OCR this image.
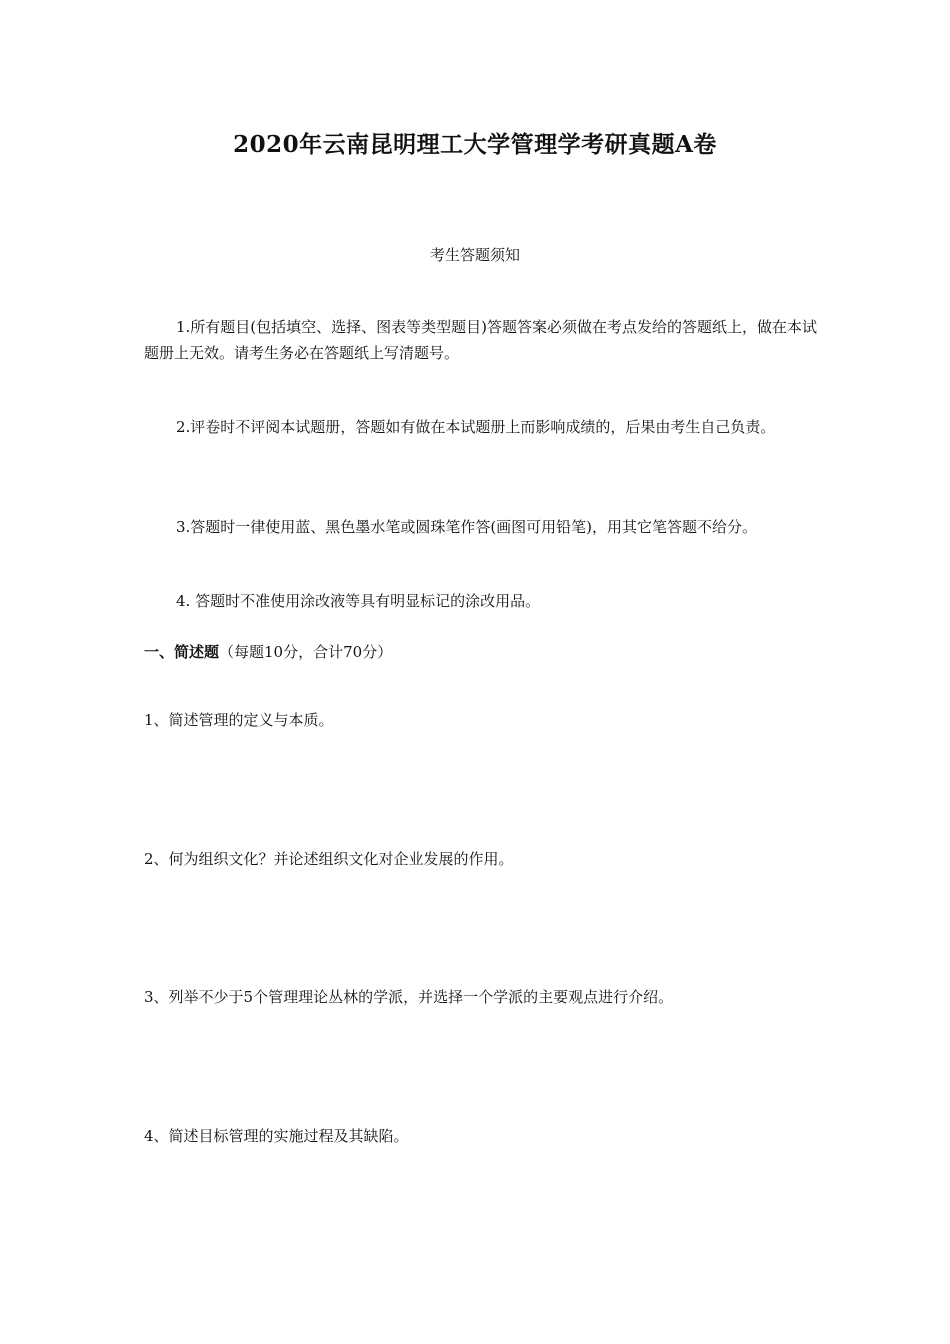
2020年云南昆明理工大学管理学考研真题A卷
考生答题须知
1.所有题目(包括填空、选择、图表等类型题目)答题答案必须做在考点发给的答题纸上，做在本试题册上无效。请考生务必在答题纸上写清题号。
2.评卷时不评阅本试题册，答题如有做在本试题册上而影响成绩的，后果由考生自己负责。
3.答题时一律使用蓝、黑色墨水笔或圆珠笔作答(画图可用铅笔)，用其它笔答题不给分。
4. 答题时不准使用涂改液等具有明显标记的涂改用品。
一、简述题（每题10分，合计70分）
1、简述管理的定义与本质。
2、何为组织文化？并论述组织文化对企业发展的作用。
3、列举不少于5个管理理论丛林的学派，并选择一个学派的主要观点进行介绍。
4、简述目标管理的实施过程及其缺陷。
